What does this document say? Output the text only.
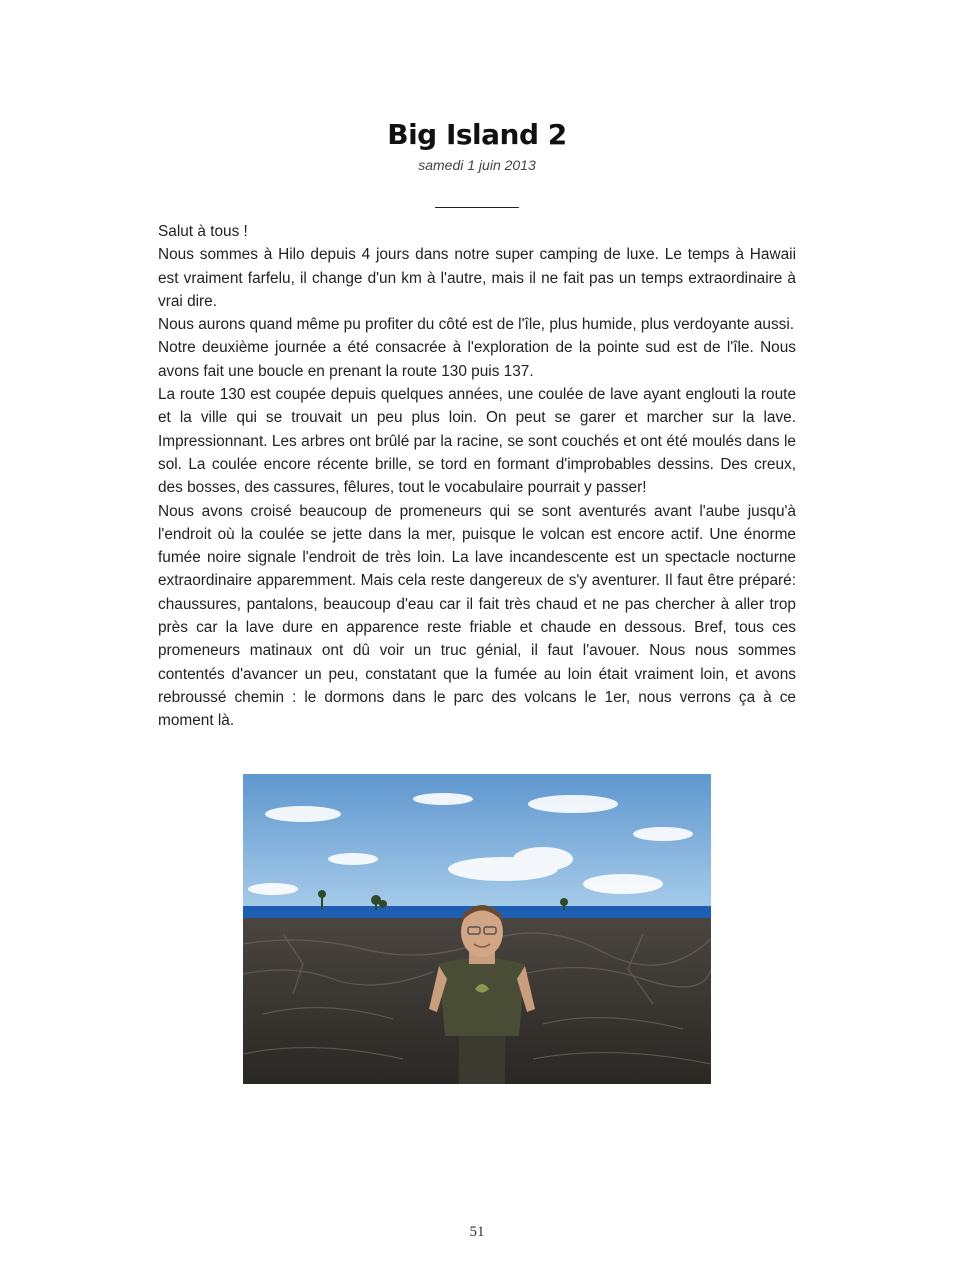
Big Island 2
samedi 1 juin 2013
__________

Salut à tous !

Nous sommes à Hilo depuis 4 jours dans notre super camping de luxe. Le temps à Hawaii est vraiment farfelu, il change d'un km à l'autre, mais il ne fait pas un temps extraordinaire à vrai dire.

Nous aurons quand même pu profiter du côté est de l'île, plus humide, plus verdoyante aussi.

Notre deuxième journée a été consacrée à l'exploration de la pointe sud est de l'île. Nous avons fait une boucle en prenant la route 130 puis 137.

La route 130 est coupée depuis quelques années, une coulée de lave ayant englouti la route et la ville qui se trouvait un peu plus loin. On peut se garer et marcher sur la lave. Impressionnant. Les arbres ont brûlé par la racine, se sont couchés et ont été moulés dans le sol. La coulée encore récente brille, se tord en formant d'improbables dessins. Des creux, des bosses, des cassures, fêlures, tout le vocabulaire pourrait y passer!

Nous avons croisé beaucoup de promeneurs qui se sont aventurés avant l'aube jusqu'à l'endroit où la coulée se jette dans la mer, puisque le volcan est encore actif. Une énorme fumée noire signale l'endroit de très loin. La lave incandescente est un spectacle nocturne extraordinaire apparemment. Mais cela reste dangereux de s'y aventurer. Il faut être préparé: chaussures, pantalons, beaucoup d'eau car il fait très chaud et ne pas chercher à aller trop près car la lave dure en apparence reste friable et chaude en dessous. Bref, tous ces promeneurs matinaux ont dû voir un truc génial, il faut l'avouer. Nous nous sommes contentés d'avancer un peu, constatant que la fumée au loin était vraiment loin, et avons rebroussé chemin : le dormons dans le parc des volcans le 1er, nous verrons ça à ce moment là.

51
